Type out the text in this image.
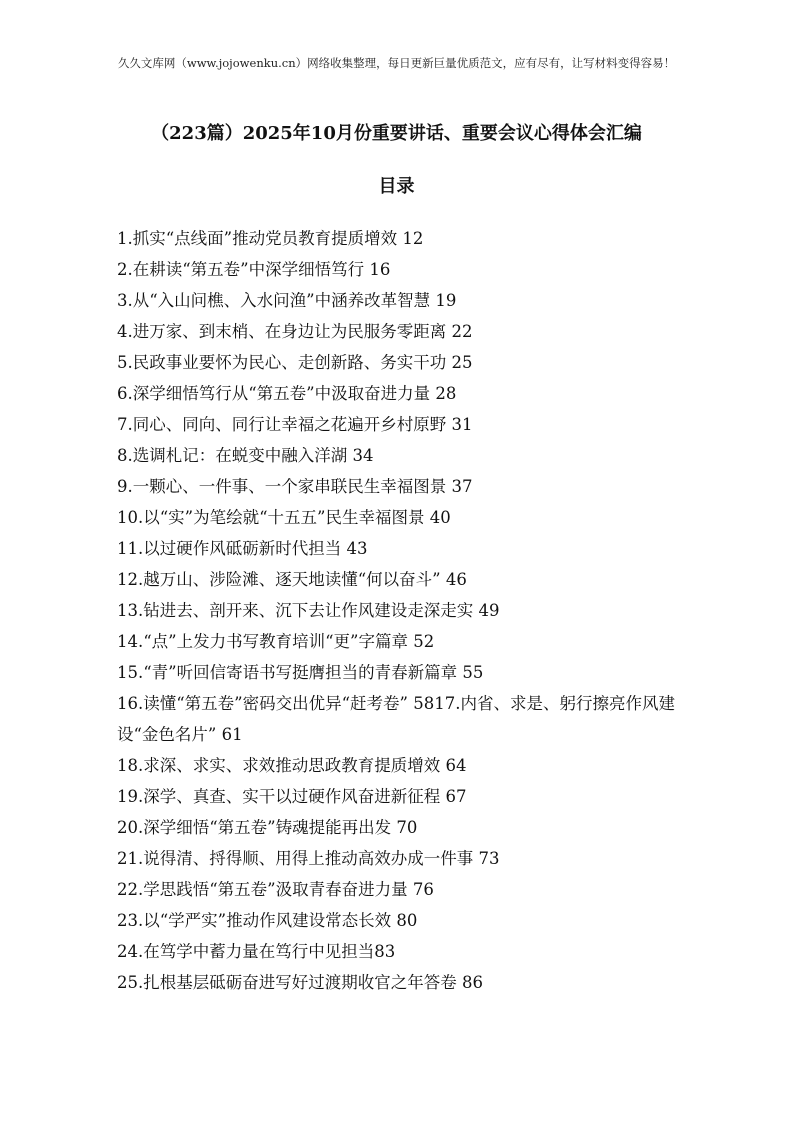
久久文库网（www.jojowenku.cn）网络收集整理，每日更新巨量优质范文，应有尽有，让写材料变得容易！
（223篇）2025年10月份重要讲话、重要会议心得体会汇编
目录
1.抓实“点线面”推动党员教育提质增效 12
2.在耕读“第五卷”中深学细悟笃行 16
3.从“入山问樵、入水问渔”中涵养改革智慧 19
4.进万家、到末梢、在身边让为民服务零距离 22
5.民政事业要怀为民心、走创新路、务实干功 25
6.深学细悟笃行从“第五卷”中汲取奋进力量 28
7.同心、同向、同行让幸福之花遍开乡村原野 31
8.选调札记：在蜕变中融入洋湖 34
9.一颗心、一件事、一个家串联民生幸福图景 37
10.以“实”为笔绘就“十五五”民生幸福图景 40
11.以过硬作风砥砺新时代担当 43
12.越万山、涉险滩、逐天地读懂“何以奋斗” 46
13.钻进去、剖开来、沉下去让作风建设走深走实 49
14.“点”上发力书写教育培训“更”字篇章 52
15.“青”听回信寄语书写挺膺担当的青春新篇章 55
16.读懂“第五卷”密码交出优异“赶考卷” 5817.内省、求是、躬行擦亮作风建设“金色名片” 61
18.求深、求实、求效推动思政教育提质增效 64
19.深学、真查、实干以过硬作风奋进新征程 67
20.深学细悟“第五卷”铸魂提能再出发 70
21.说得清、捋得顺、用得上推动高效办成一件事 73
22.学思践悟“第五卷”汲取青春奋进力量 76
23.以“学严实”推动作风建设常态长效 80
24.在笃学中蓄力量在笃行中见担当83
25.扎根基层砥砺奋进写好过渡期收官之年答卷 86
